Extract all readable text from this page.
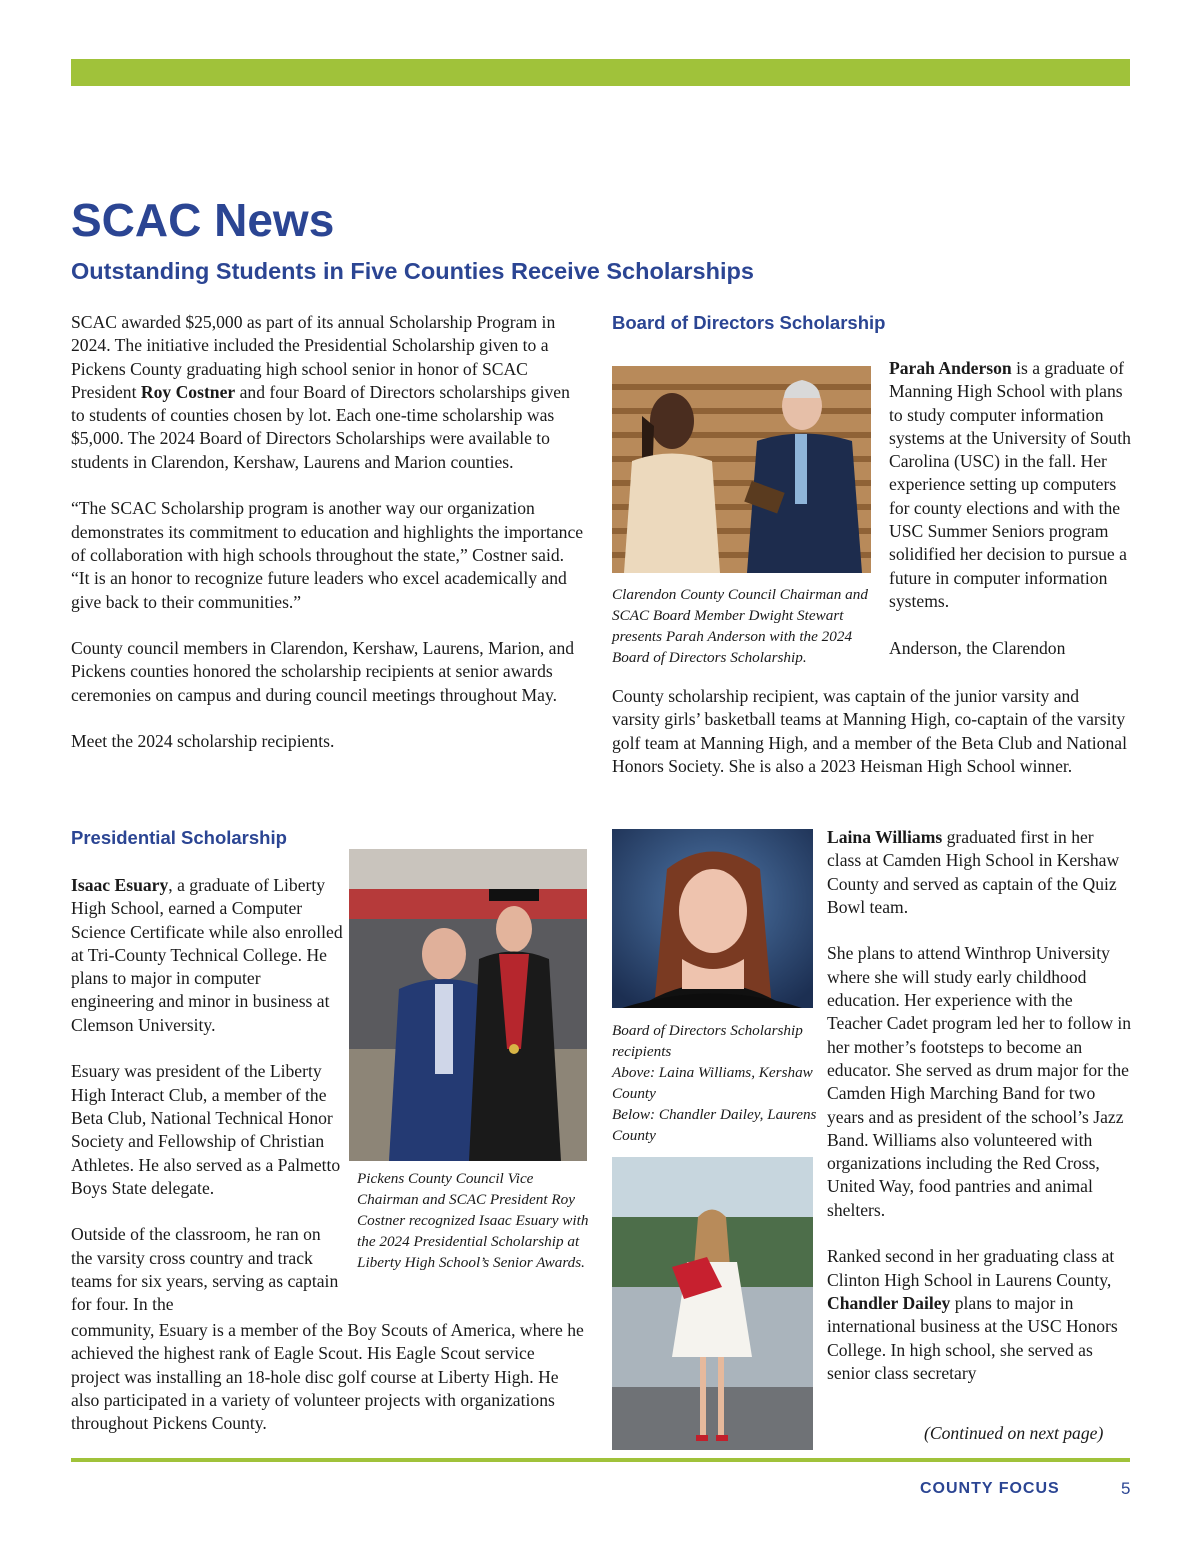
SCAC News
Outstanding Students in Five Counties Receive Scholarships

SCAC awarded $25,000 as part of its annual Scholarship Program in 2024. The initiative included the Presidential Scholarship given to a Pickens County graduating high school senior in honor of SCAC President Roy Costner and four Board of Directors scholarships given to students of counties chosen by lot. Each one-time scholarship was $5,000. The 2024 Board of Directors Scholarships were available to students in Clarendon, Kershaw, Laurens and Marion counties.

“The SCAC Scholarship program is another way our organization demonstrates its commitment to education and highlights the importance of collaboration with high schools throughout the state,” Costner said. “It is an honor to recognize future leaders who excel academically and give back to their communities.”

County council members in Clarendon, Kershaw, Laurens, Marion, and Pickens counties honored the scholarship recipients at senior awards ceremonies on campus and during council meetings throughout May.

Meet the 2024 scholarship recipients.

Presidential Scholarship

Isaac Esuary, a graduate of Liberty High School, earned a Computer Science Certificate while also enrolled at Tri-County Technical College. He plans to major in computer engineering and minor in business at Clemson University.

Esuary was president of the Liberty High Interact Club, a member of the Beta Club, National Technical Honor Society and Fellowship of Christian Athletes. He also served as a Palmetto Boys State delegate.

Outside of the classroom, he ran on the varsity cross country and track teams for six years, serving as captain for four. In the

community, Esuary is a member of the Boy Scouts of America, where he achieved the highest rank of Eagle Scout. His Eagle Scout service project was installing an 18-hole disc golf course at Liberty High. He also participated in a variety of volunteer projects with organizations throughout Pickens County.
Pickens County Council Vice Chairman and SCAC President Roy Costner recognized Isaac Esuary with the 2024 Presidential Scholarship at Liberty High School’s Senior Awards.
Board of Directors Scholarship
Clarendon County Council Chairman and SCAC Board Member Dwight Stewart presents Parah Anderson with the 2024 Board of Directors Scholarship.

Parah Anderson is a graduate of Manning High School with plans to study computer information systems at the University of South Carolina (USC) in the fall. Her experience setting up computers for county elections and with the USC Summer Seniors program solidified her decision to pursue a future in computer information systems.

Anderson, the Clarendon

County scholarship recipient, was captain of the junior varsity and varsity girls’ basketball teams at Manning High, co-captain of the varsity golf team at Manning High, and a member of the Beta Club and National Honors Society. She is also a 2023 Heisman High School winner.
Board of Directors Scholarship recipients
Above: Laina Williams, Kershaw County
Below: Chandler Dailey, Laurens County

Laina Williams graduated first in her class at Camden High School in Kershaw County and served as captain of the Quiz Bowl team.

She plans to attend Winthrop University where she will study early childhood education. Her experience with the Teacher Cadet program led her to follow in her mother’s footsteps to become an educator. She served as drum major for the Camden High Marching Band for two years and as president of the school’s Jazz Band. Williams also volunteered with organizations including the Red Cross, United Way, food pantries and animal shelters.

Ranked second in her graduating class at Clinton High School in Laurens County, Chandler Dailey plans to major in international business at the USC Honors College. In high school, she served as senior class secretary

(Continued on next page)
COUNTY FOCUS	5
